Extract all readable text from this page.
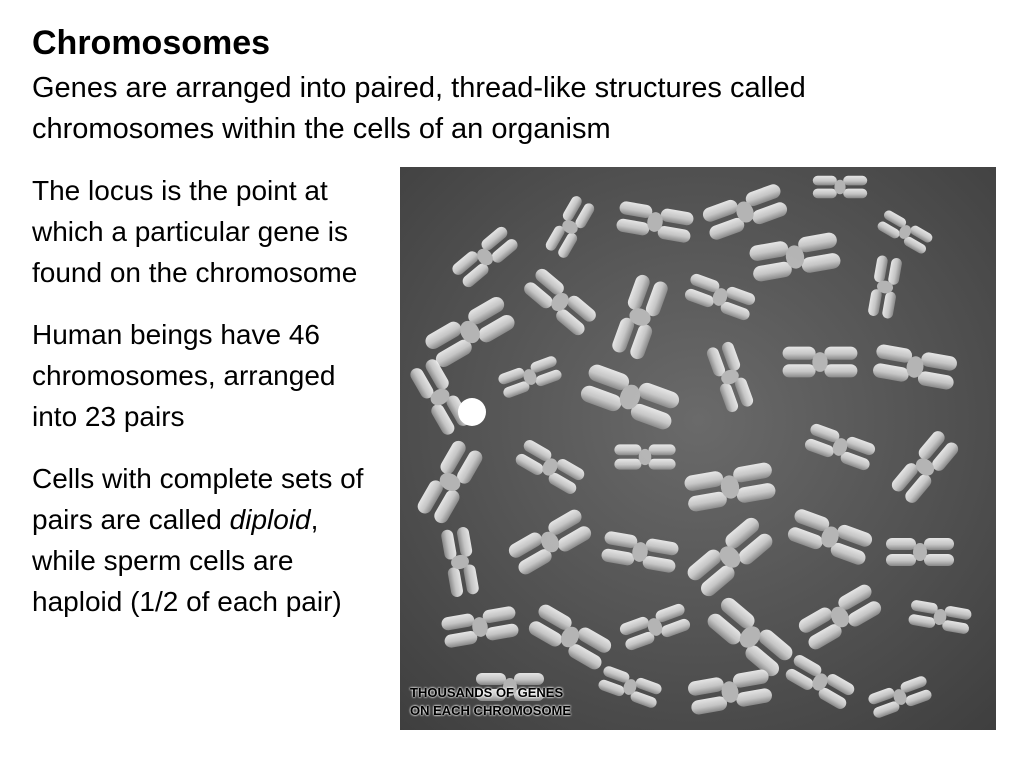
Chromosomes

Genes are arranged into paired, thread-like structures called chromosomes within the cells of an organism

The locus is the point at which a particular gene is found on the chromosome

Human beings have 46 chromosomes, arranged into 23 pairs

Cells with complete sets of pairs are called diploid, while sperm cells are haploid (1/2 of each pair)

THOUSANDS OF GENES
ON EACH CHROMOSOME
